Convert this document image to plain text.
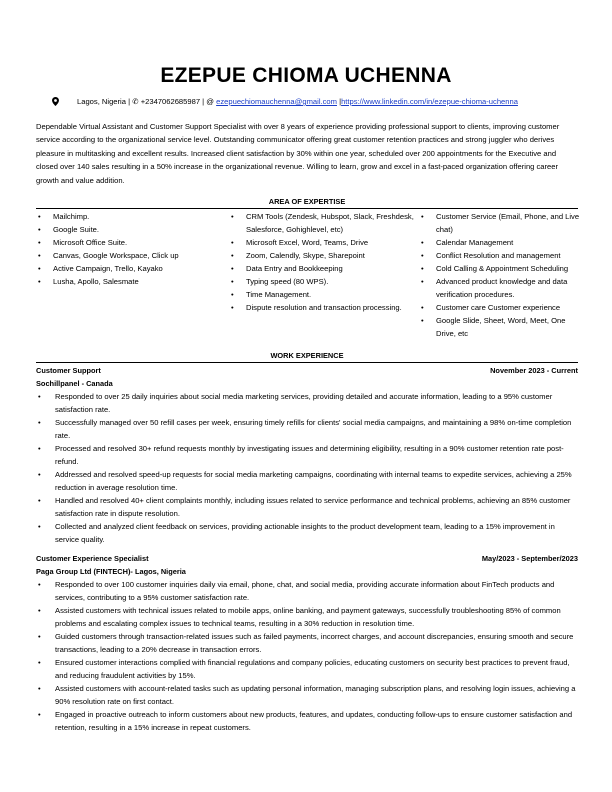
EZEPUE CHIOMA UCHENNA
Lagos, Nigeria
|
✆
+2347062685987
|
@
ezepuechiomauchenna@gmail.com
| https://www.linkedin.com/in/ezepue-chioma-uchenna
Dependable Virtual Assistant and Customer Support Specialist with over 8 years of experience providing professional support to clients, improving customer service according to the organizational service level. Outstanding communicator offering great customer retention practices and strong juggler who derives pleasure in multitasking and excellent results. Increased client satisfaction by 30% within one year, scheduled over 200 appointments for the Executive and closed over 140 sales resulting in a 50% increase in the organizational revenue. Willing to learn, grow and excel in a fast-paced organization offering career growth and value addition.
AREA OF EXPERTISE
• Mailchimp.
• Google Suite.
• Microsoft Office Suite.
• Canvas, Google Workspace, Click up
• Active Campaign, Trello, Kayako
• Lusha, Apollo, Salesmate
• CRM Tools (Zendesk, Hubspot, Slack, Freshdesk, Salesforce, Gohighlevel, etc)
• Microsoft Excel, Word, Teams, Drive
• Zoom, Calendly, Skype, Sharepoint
• Data Entry and Bookkeeping
• Typing speed (80 WPS).
• Time Management.
• Dispute resolution and transaction processing.
• Customer Service (Email, Phone, and Live chat)
• Calendar Management
• Conflict Resolution and management
• Cold Calling & Appointment Scheduling
• Advanced product knowledge and data verification procedures.
• Customer care Customer experience
• Google Slide, Sheet, Word, Meet, One Drive, etc
WORK EXPERIENCE
Customer Support	November 2023 - Current
Sochillpanel - Canada
• Responded to over 25 daily inquiries about social media marketing services, providing detailed and accurate information, leading to a 95% customer satisfaction rate.
• Successfully managed over 50 refill cases per week, ensuring timely refills for clients' social media campaigns, and maintaining a 98% on-time completion rate.
• Processed and resolved 30+ refund requests monthly by investigating issues and determining eligibility, resulting in a 90% customer retention rate post-refund.
• Addressed and resolved speed-up requests for social media marketing campaigns, coordinating with internal teams to expedite services, achieving a 25% reduction in average resolution time.
• Handled and resolved 40+ client complaints monthly, including issues related to service performance and technical problems, achieving an 85% customer satisfaction rate in dispute resolution.
• Collected and analyzed client feedback on services, providing actionable insights to the product development team, leading to a 15% improvement in service quality.
Customer Experience Specialist	May/2023 - September/2023
Paga Group Ltd (FINTECH)- Lagos, Nigeria
• Responded to over 100 customer inquiries daily via email, phone, chat, and social media, providing accurate information about FinTech products and services, contributing to a 95% customer satisfaction rate.
• Assisted customers with technical issues related to mobile apps, online banking, and payment gateways, successfully troubleshooting 85% of common problems and escalating complex issues to technical teams, resulting in a 30% reduction in resolution time.
• Guided customers through transaction-related issues such as failed payments, incorrect charges, and account discrepancies, ensuring smooth and secure transactions, leading to a 20% decrease in transaction errors.
• Ensured customer interactions complied with financial regulations and company policies, educating customers on security best practices to prevent fraud, and reducing fraudulent activities by 15%.
• Assisted customers with account-related tasks such as updating personal information, managing subscription plans, and resolving login issues, achieving a 90% resolution rate on first contact.
• Engaged in proactive outreach to inform customers about new products, features, and updates, conducting follow-ups to ensure customer satisfaction and retention, resulting in a 15% increase in repeat customers.
